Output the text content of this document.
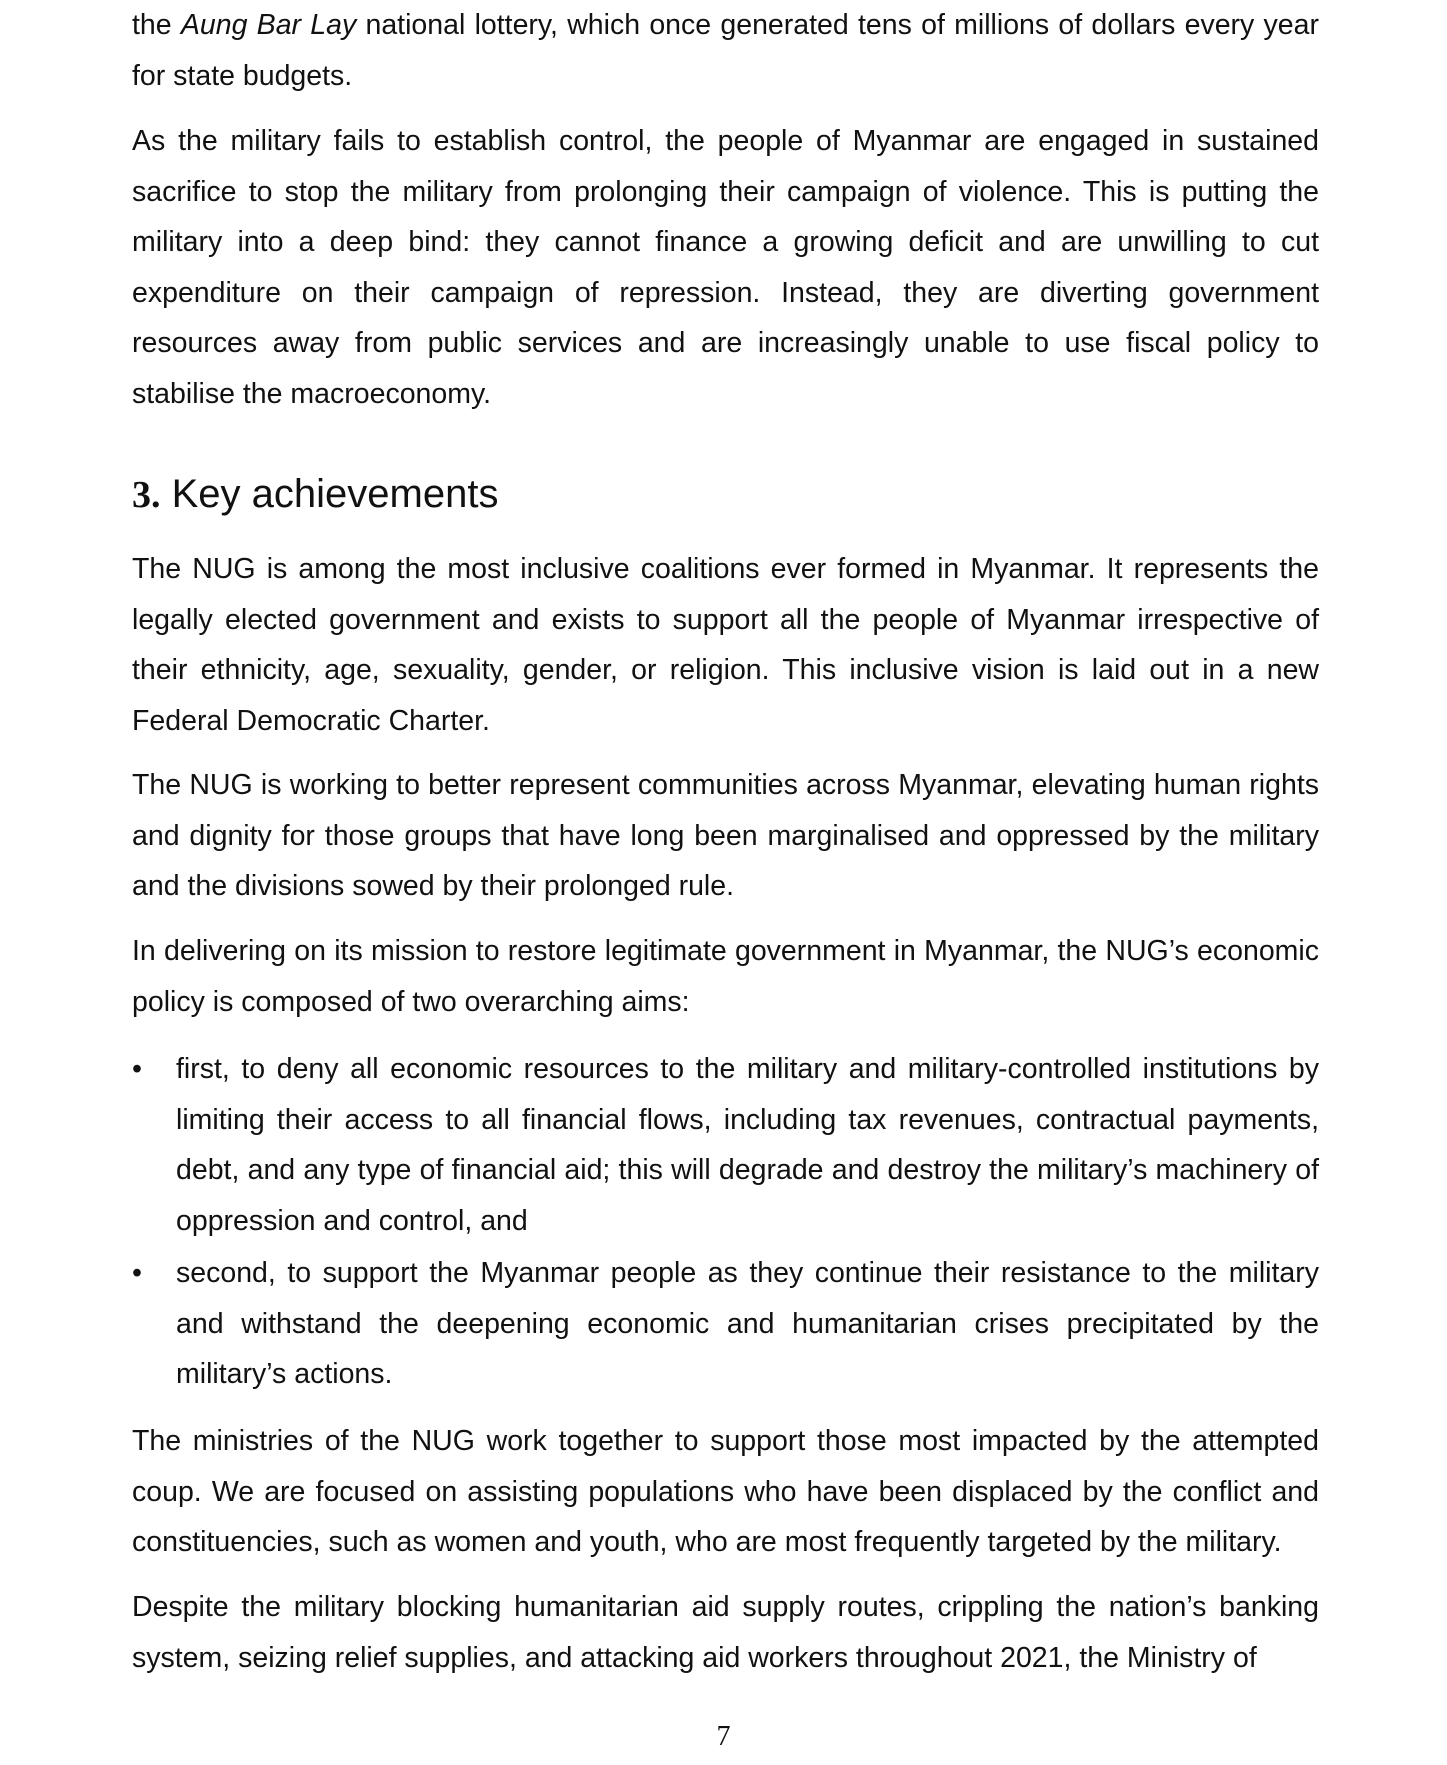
the Aung Bar Lay national lottery, which once generated tens of millions of dollars every year for state budgets.

As the military fails to establish control, the people of Myanmar are engaged in sustained sacrifice to stop the military from prolonging their campaign of violence. This is putting the military into a deep bind: they cannot finance a growing deficit and are unwilling to cut expenditure on their campaign of repression. Instead, they are diverting government resources away from public services and are increasingly unable to use fiscal policy to stabilise the macroeconomy.

3. Key achievements

The NUG is among the most inclusive coalitions ever formed in Myanmar. It represents the legally elected government and exists to support all the people of Myanmar irrespective of their ethnicity, age, sexuality, gender, or religion. This inclusive vision is laid out in a new Federal Democratic Charter.

The NUG is working to better represent communities across Myanmar, elevating human rights and dignity for those groups that have long been marginalised and oppressed by the military and the divisions sowed by their prolonged rule.

In delivering on its mission to restore legitimate government in Myanmar, the NUG’s economic policy is composed of two overarching aims:

• first, to deny all economic resources to the military and military-controlled institutions by limiting their access to all financial flows, including tax revenues, contractual payments, debt, and any type of financial aid; this will degrade and destroy the military’s machinery of oppression and control, and

• second, to support the Myanmar people as they continue their resistance to the military and withstand the deepening economic and humanitarian crises precipitated by the military’s actions.

The ministries of the NUG work together to support those most impacted by the attempted coup. We are focused on assisting populations who have been displaced by the conflict and constituencies, such as women and youth, who are most frequently targeted by the military.

Despite the military blocking humanitarian aid supply routes, crippling the nation’s banking system, seizing relief supplies, and attacking aid workers throughout 2021, the Ministry of

7
